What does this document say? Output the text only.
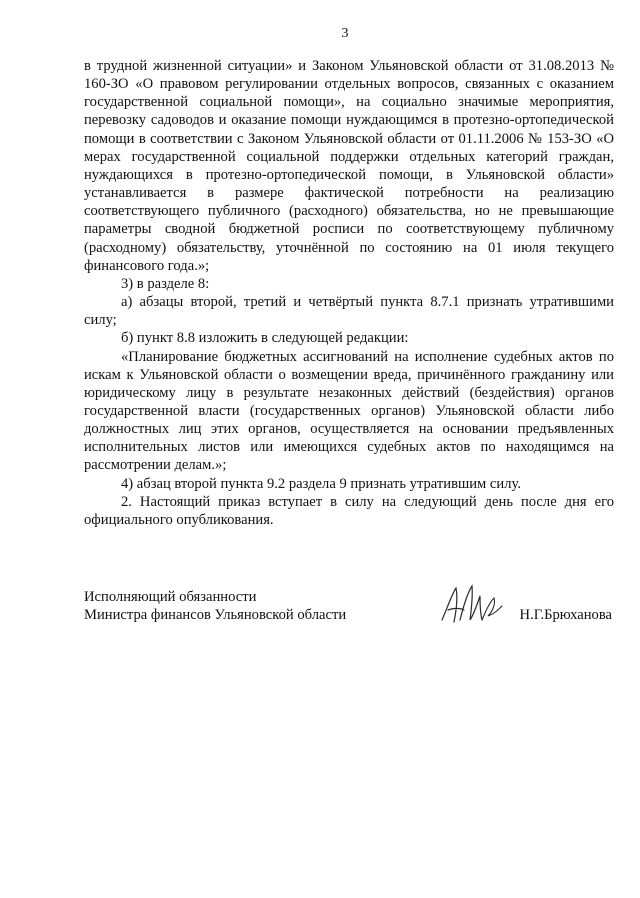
3

в трудной жизненной ситуации» и Законом Ульяновской области от 31.08.2013 № 160-ЗО «О правовом регулировании отдельных вопросов, связанных с оказанием государственной социальной помощи», на социально значимые мероприятия, перевозку садоводов и оказание помощи нуждающимся в протезно-ортопедической помощи в соответствии с Законом Ульяновской области от 01.11.2006 № 153-ЗО «О мерах государственной социальной поддержки отдельных категорий граждан, нуждающихся в протезно-ортопедической помощи, в Ульяновской области» устанавливается в размере фактической потребности на реализацию соответствующего публичного (расходного) обязательства, но не превышающие параметры сводной бюджетной росписи по соответствующему публичному (расходному) обязательству, уточнённой по состоянию на 01 июля текущего финансового года.»;

3) в разделе 8:

а) абзацы второй, третий и четвёртый пункта 8.7.1 признать утратившими силу;

б) пункт 8.8 изложить в следующей редакции:

«Планирование бюджетных ассигнований на исполнение судебных актов по искам к Ульяновской области о возмещении вреда, причинённого гражданину или юридическому лицу в результате незаконных действий (бездействия) органов государственной власти (государственных органов) Ульяновской области либо должностных лиц этих органов, осуществляется на основании предъявленных исполнительных листов или имеющихся судебных актов по находящимся на рассмотрении делам.»;

4) абзац второй пункта 9.2 раздела 9 признать утратившим силу.

2. Настоящий приказ вступает в силу на следующий день после дня его официального опубликования.

Исполняющий обязанности
Министра финансов Ульяновской области	Н.Г.Брюханова
